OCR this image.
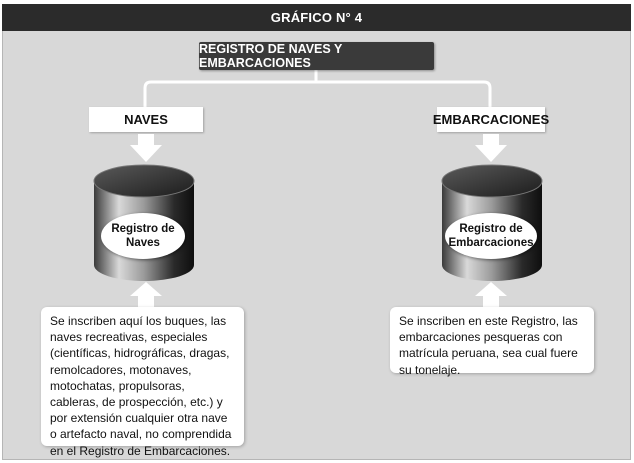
GRÁFICO N° 4
REGISTRO DE NAVES Y EMBARCACIONES
NAVES
Registro de
Naves
Se inscriben aquí los buques, las naves recreativas, especiales (científicas, hidrográficas, dragas, remolcadores, motonaves, motochatas, propulsoras, cableras, de prospección, etc.) y por extensión cualquier otra nave o artefacto naval, no comprendida en el Registro de Embarcaciones.
EMBARCACIONES
Registro de
Embarcaciones
Se inscriben en este Registro, las embarcaciones pesqueras con matrícula peruana, sea cual fuere su tonelaje.
